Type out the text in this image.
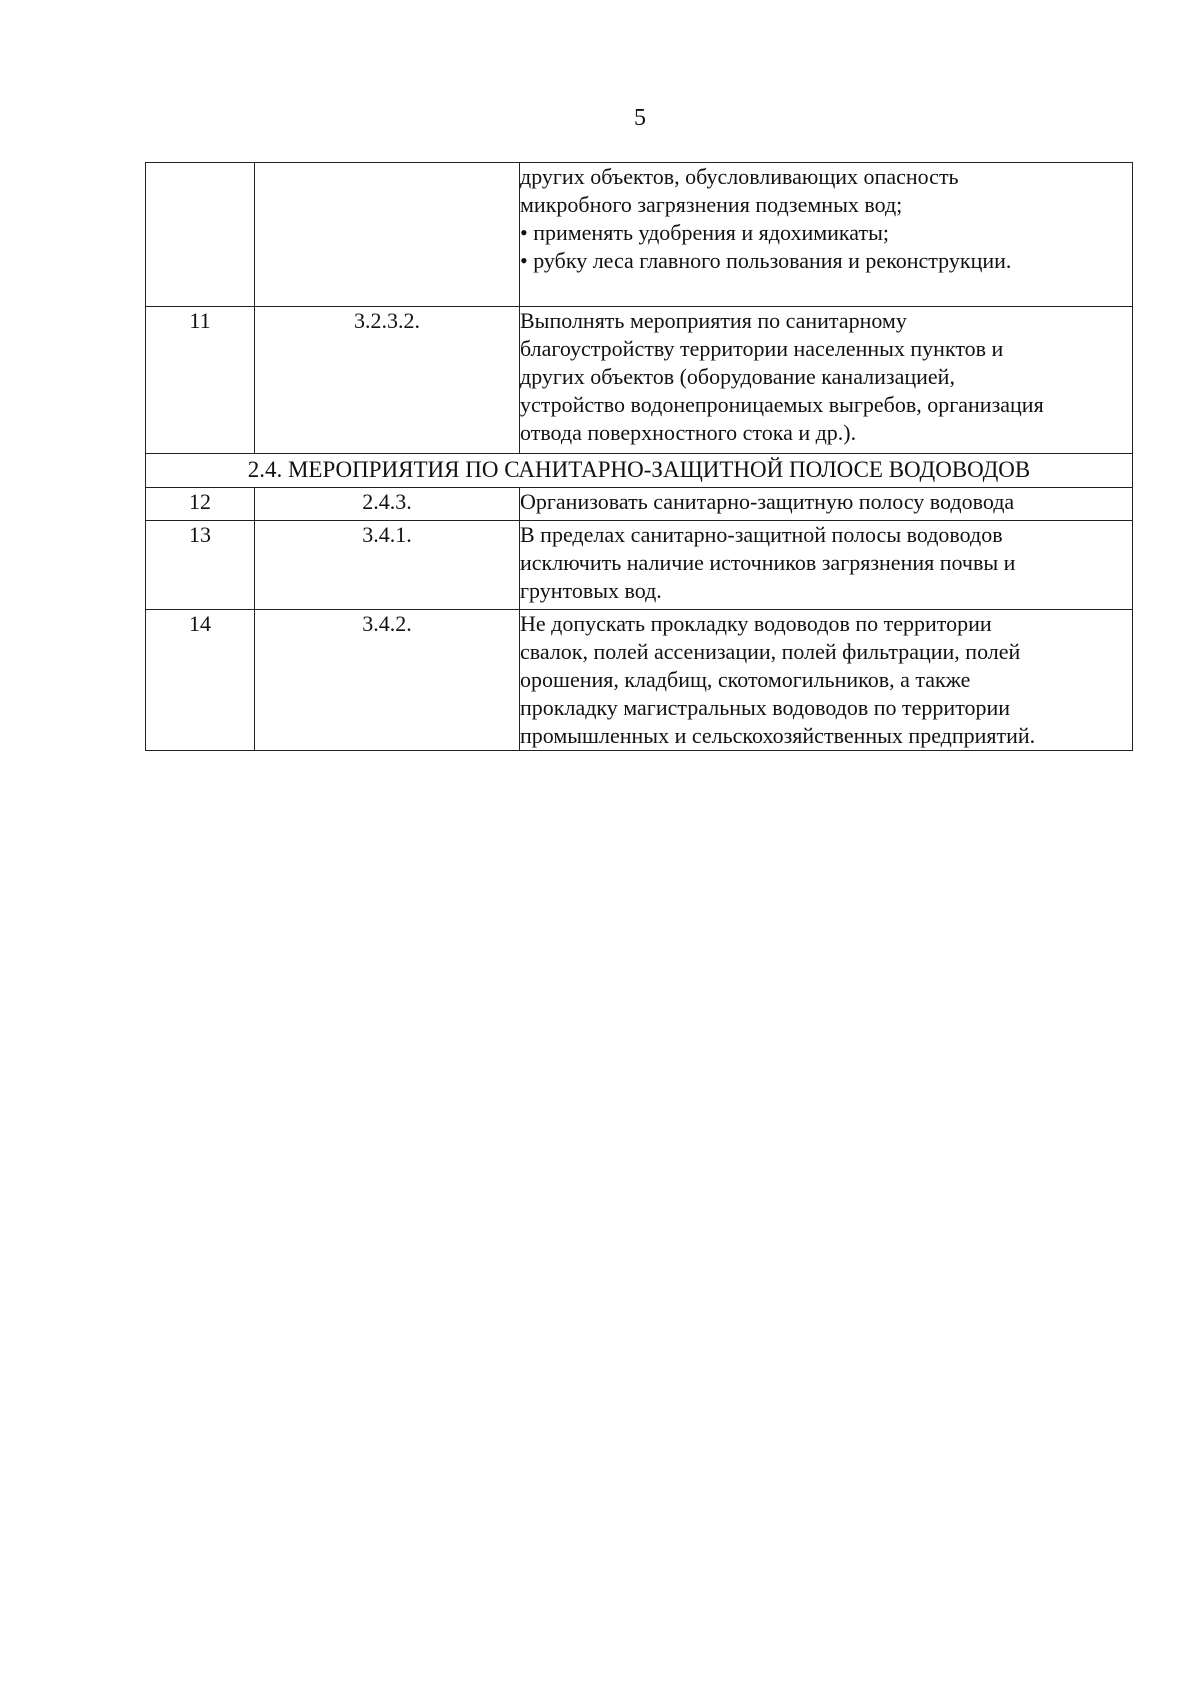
5

		других объектов, обусловливающих опасность
микробного загрязнения подземных вод;
• применять удобрения и ядохимикаты;
• рубку леса главного пользования и реконструкции.

11	3.2.3.2.	Выполнять мероприятия по санитарному
благоустройству территории населенных пунктов и
других объектов (оборудование канализацией,
устройство водонепроницаемых выгребов, организация
отвода поверхностного стока и др.).

2.4. МЕРОПРИЯТИЯ ПО САНИТАРНО-ЗАЩИТНОЙ ПОЛОСЕ ВОДОВОДОВ		
12	2.4.3.	Организовать санитарно-защитную полосу водовода

13	3.4.1.	В пределах санитарно-защитной полосы водоводов
исключить наличие источников загрязнения почвы и
грунтовых вод.

14	3.4.2.	Не допускать прокладку водоводов по территории
свалок, полей ассенизации, полей фильтрации, полей
орошения, кладбищ, скотомогильников, а также
прокладку магистральных водоводов по территории
промышленных и сельскохозяйственных предприятий.
